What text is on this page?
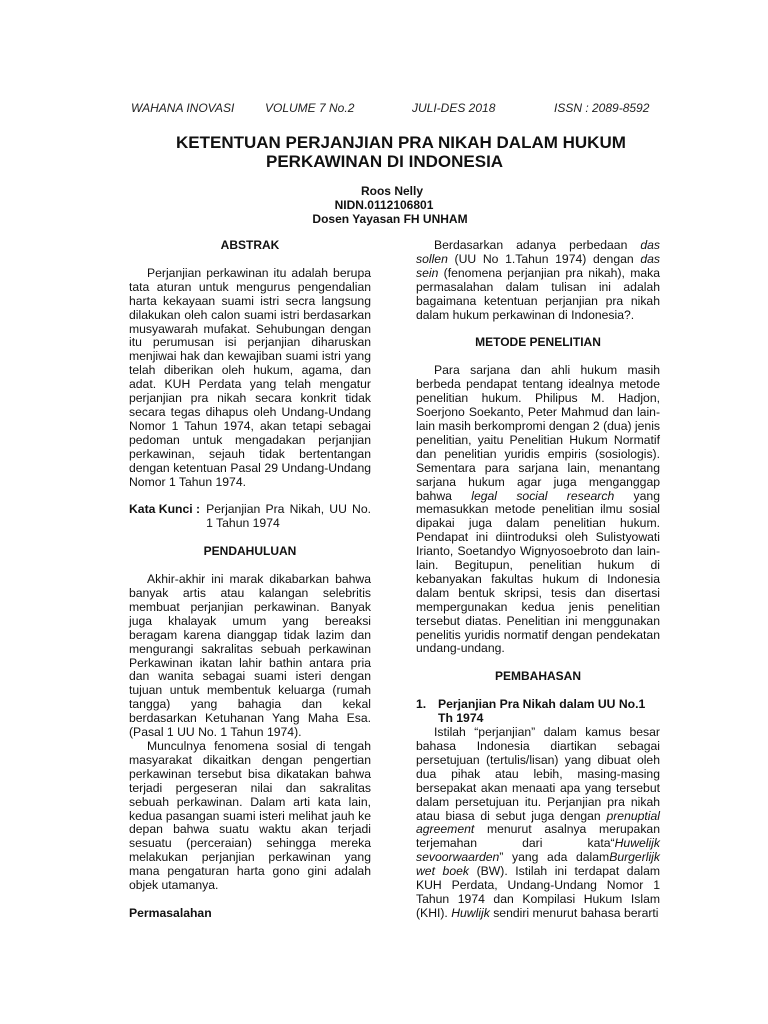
WAHANA INOVASI	VOLUME 7 No.2	JULI-DES 2018	ISSN : 2089-8592
KETENTUAN PERJANJIAN PRA NIKAH DALAM HUKUM
PERKAWINAN DI INDONESIA
Roos Nelly
NIDN.0112106801
Dosen Yayasan FH UNHAM
ABSTRAK

Perjanjian perkawinan itu adalah berupa tata aturan untuk mengurus pengendalian harta kekayaan suami istri secra langsung dilakukan oleh calon suami istri berdasarkan musyawarah mufakat. Sehubungan dengan itu perumusan isi perjanjian diharuskan menjiwai hak dan kewajiban suami istri yang telah diberikan oleh hukum, agama, dan adat. KUH Perdata yang telah mengatur perjanjian pra nikah secara konkrit tidak secara tegas dihapus oleh Undang-Undang Nomor 1 Tahun 1974, akan tetapi sebagai pedoman untuk mengadakan perjanjian perkawinan, sejauh tidak bertentangan dengan ketentuan Pasal 29 Undang-Undang Nomor 1 Tahun 1974.

Kata Kunci : Perjanjian Pra Nikah, UU No. 1 Tahun 1974
PENDAHULUAN

Akhir-akhir ini marak dikabarkan bahwa banyak artis atau kalangan selebritis membuat perjanjian perkawinan. Banyak juga khalayak umum yang bereaksi beragam karena dianggap tidak lazim dan mengurangi sakralitas sebuah perkawinan Perkawinan ikatan lahir bathin antara pria dan wanita sebagai suami isteri dengan tujuan untuk membentuk keluarga (rumah tangga) yang bahagia dan kekal berdasarkan Ketuhanan Yang Maha Esa. (Pasal 1 UU No. 1 Tahun 1974).

Munculnya fenomena sosial di tengah masyarakat dikaitkan dengan pengertian perkawinan tersebut bisa dikatakan bahwa terjadi pergeseran nilai dan sakralitas sebuah perkawinan. Dalam arti kata lain, kedua pasangan suami isteri melihat jauh ke depan bahwa suatu waktu akan terjadi sesuatu (perceraian) sehingga mereka melakukan perjanjian perkawinan yang mana pengaturan harta gono gini adalah objek utamanya.

Permasalahan

Berdasarkan adanya perbedaan das sollen (UU No 1.Tahun 1974) dengan das sein (fenomena perjanjian pra nikah), maka permasalahan dalam tulisan ini adalah bagaimana ketentuan perjanjian pra nikah dalam hukum perkawinan di Indonesia?.

METODE PENELITIAN

Para sarjana dan ahli hukum masih berbeda pendapat tentang idealnya metode penelitian hukum. Philipus M. Hadjon, Soerjono Soekanto, Peter Mahmud dan lain-lain masih berkompromi dengan 2 (dua) jenis penelitian, yaitu Penelitian Hukum Normatif dan penelitian yuridis empiris (sosiologis). Sementara para sarjana lain, menantang sarjana hukum agar juga menganggap bahwa legal social research yang memasukkan metode penelitian ilmu sosial dipakai juga dalam penelitian hukum. Pendapat ini diintroduksi oleh Sulistyowati Irianto, Soetandyo Wignyosoebroto dan lain-lain. Begitupun, penelitian hukum di kebanyakan fakultas hukum di Indonesia dalam bentuk skripsi, tesis dan disertasi mempergunakan kedua jenis penelitian tersebut diatas. Penelitian ini menggunakan penelitis yuridis normatif dengan pendekatan undang-undang.

PEMBAHASAN
1. Perjanjian Pra Nikah dalam UU No.1 Th 1974

Istilah “perjanjian” dalam kamus besar bahasa Indonesia diartikan sebagai persetujuan (tertulis/lisan) yang dibuat oleh dua pihak atau lebih, masing-masing bersepakat akan menaati apa yang tersebut dalam persetujuan itu. Perjanjian pra nikah atau biasa di sebut juga dengan prenuptial agreement menurut asalnya merupakan terjemahan dari kata“Huwelijk sevoorwaarden” yang ada dalamBurgerlijk wet boek (BW). Istilah ini terdapat dalam KUH Perdata, Undang-Undang Nomor 1 Tahun 1974 dan Kompilasi Hukum Islam (KHI). Huwlijk sendiri menurut bahasa berarti
